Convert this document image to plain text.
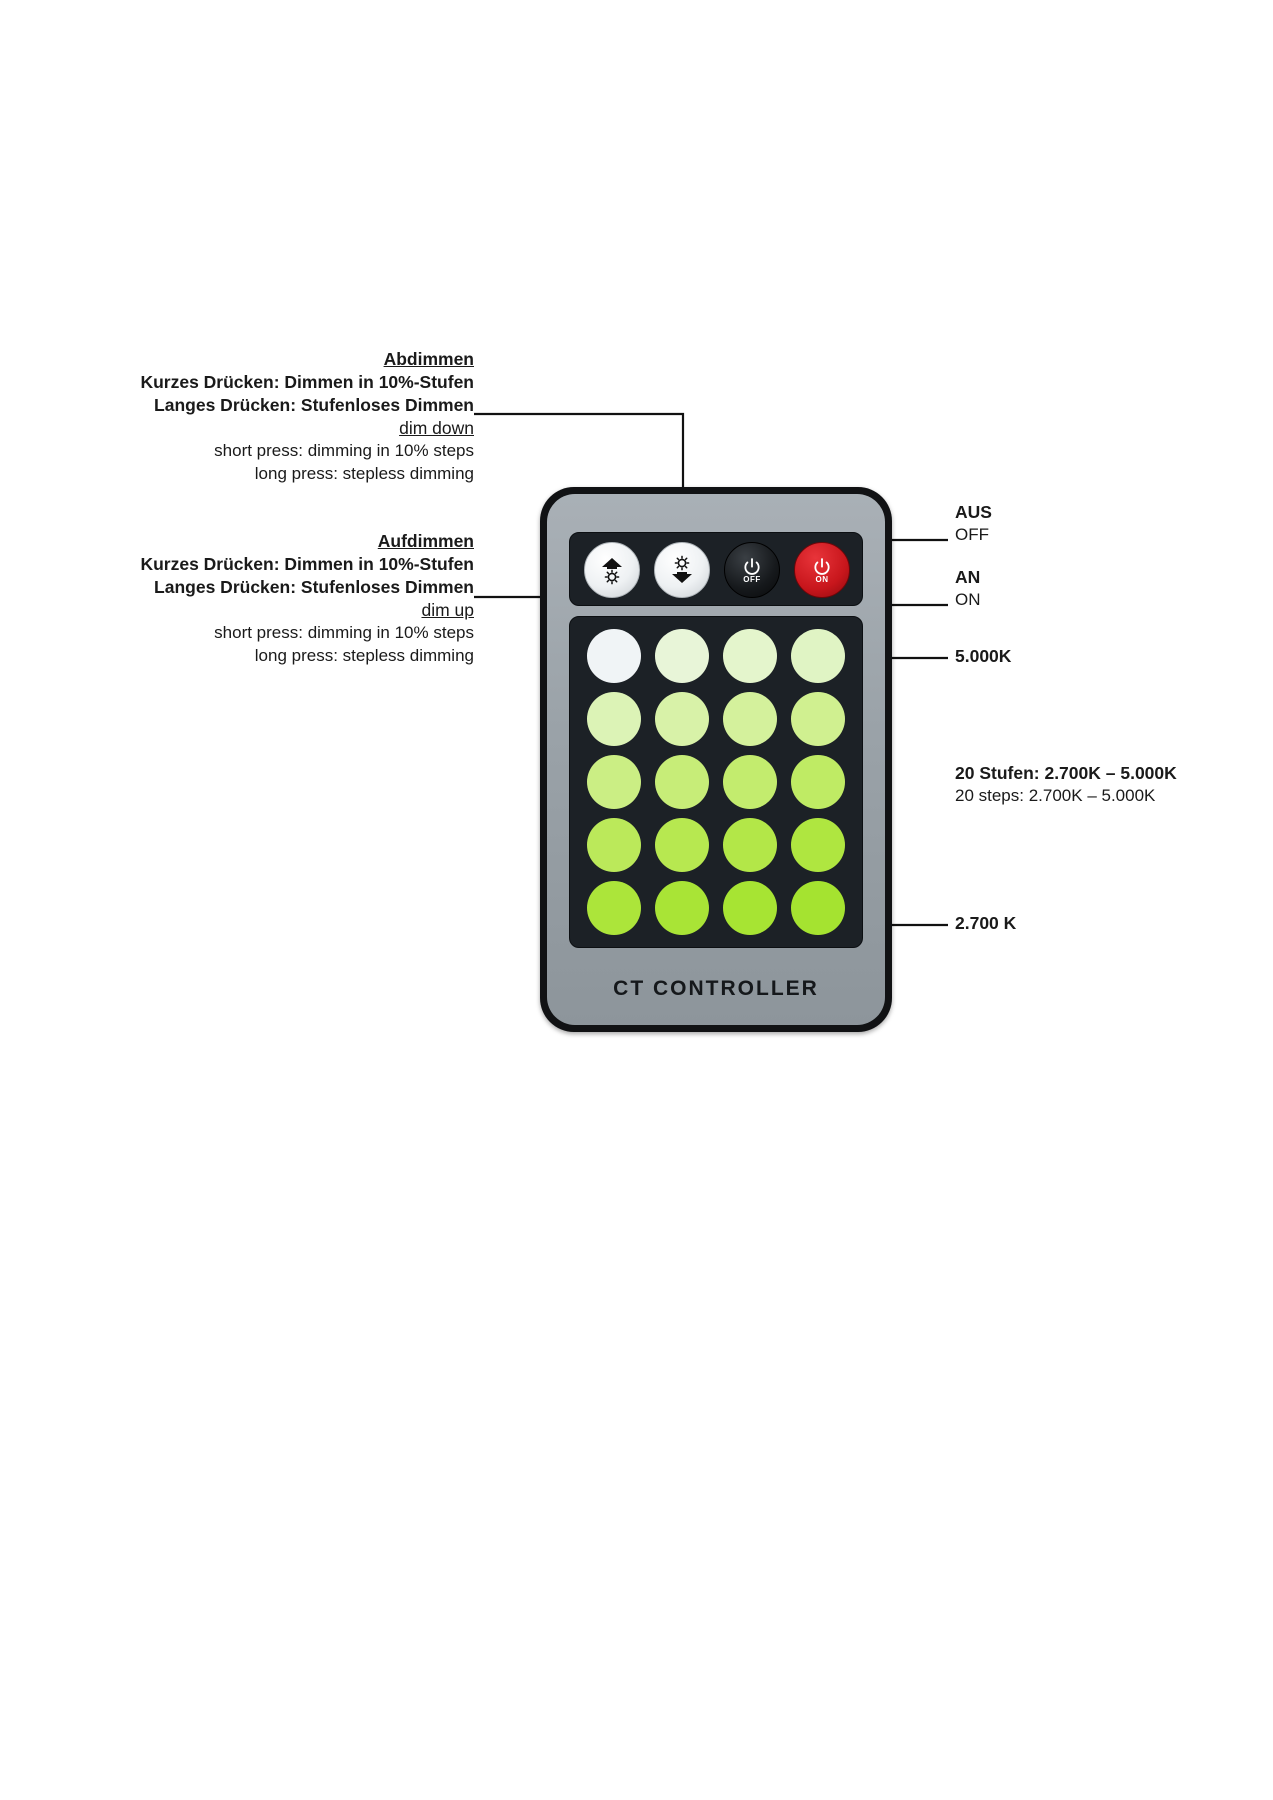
Abdimmen
Kurzes Drücken: Dimmen in 10%-Stufen
Langes Drücken: Stufenloses Dimmen
dim down
short press: dimming in 10% steps
long press: stepless dimming
Aufdimmen
Kurzes Drücken: Dimmen in 10%-Stufen
Langes Drücken: Stufenloses Dimmen
dim up
short press: dimming in 10% steps
long press: stepless dimming
AUS
OFF
AN
ON
5.000K
20 Stufen: 2.700K – 5.000K
20 steps: 2.700K – 5.000K
2.700 K
OFF	ON
CT CONTROLLER
